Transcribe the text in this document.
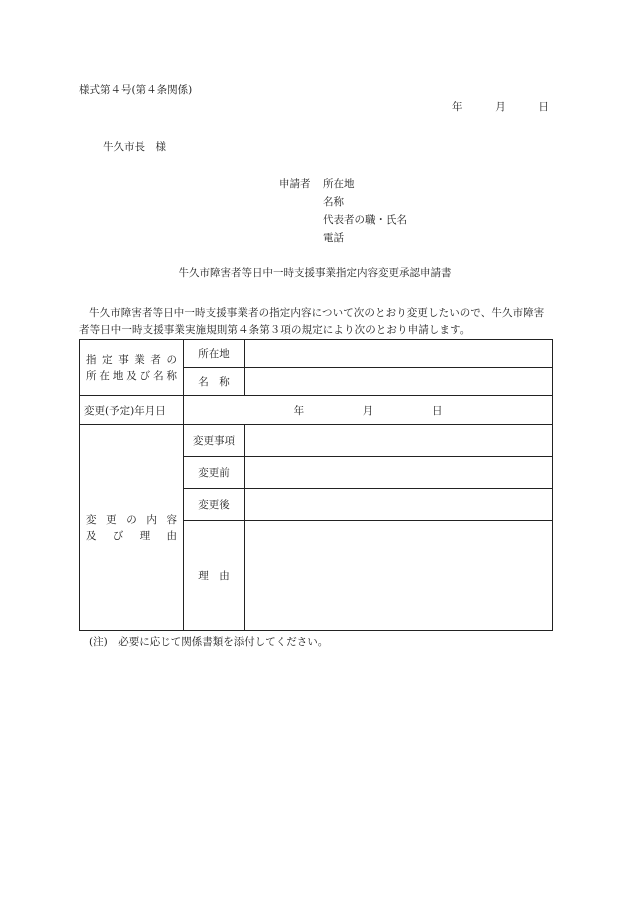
様式第４号(第４条関係)
年	月	日
牛久市長　様
申請者 所在地
名称
代表者の職・氏名
電話
牛久市障害者等日中一時支援事業指定内容変更承認申請書
牛久市障害者等日中一時支援事業者の指定内容について次のとおり変更したいので、牛久市障害者等日中一時支援事業実施規則第４条第３項の規定により次のとおり申請します。
指定事業者の
所在地及び名称	所在地	
	名　称	
変更(予定)年月日	年 月 日	

変更の内容
及び理由	変更事項	
	変更前	
	変更後	
	理　由	
(注)　必要に応じて関係書類を添付してください。
